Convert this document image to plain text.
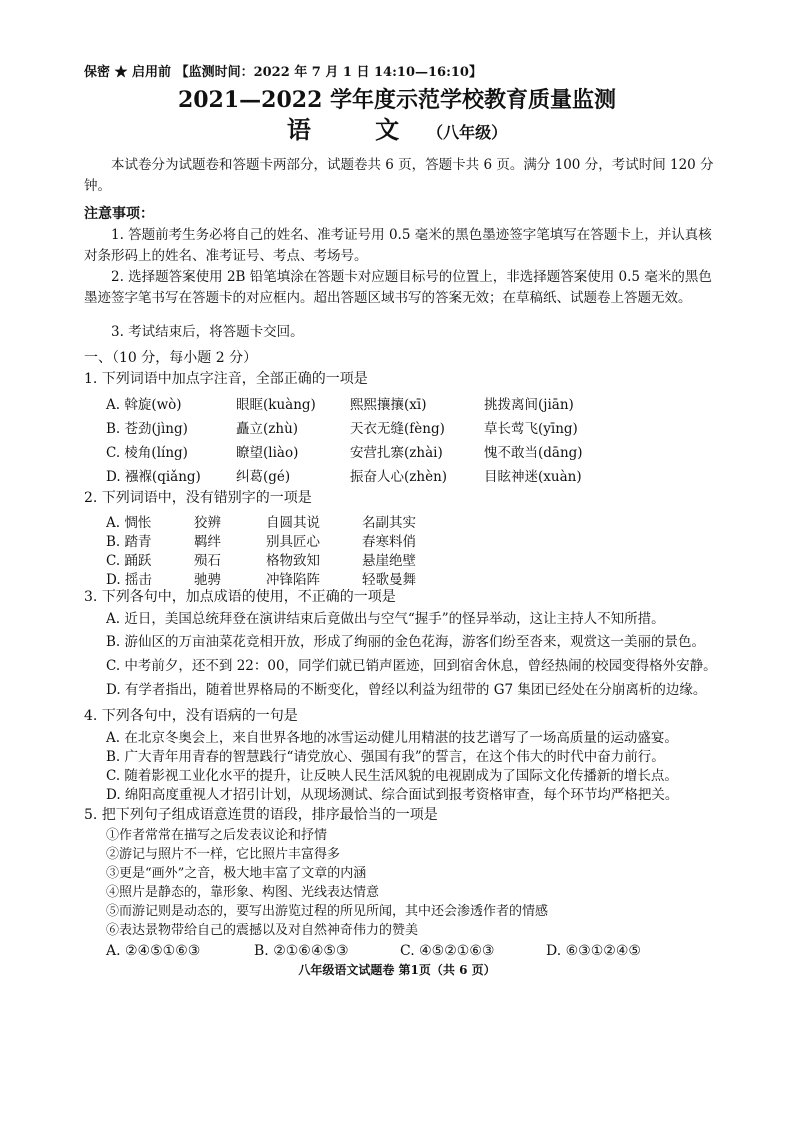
保密 ★ 启用前 【监测时间：2022 年 7 月 1 日 14:10—16:10】
2021—2022 学年度示范学校教育质量监测
语 文（八年级）
本试卷分为试题卷和答题卡两部分，试题卷共 6 页，答题卡共 6 页。满分 100 分，考试时间 120 分钟。
注意事项：
1. 答题前考生务必将自己的姓名、准考证号用 0.5 毫米的黑色墨迹签字笔填写在答题卡上，并认真核对条形码上的姓名、准考证号、考点、考场号。
2. 选择题答案使用 2B 铅笔填涂在答题卡对应题目标号的位置上，非选择题答案使用 0.5 毫米的黑色墨迹签字笔书写在答题卡的对应框内。超出答题区域书写的答案无效；在草稿纸、试题卷上答题无效。
3. 考试结束后，将答题卡交回。
一、（10 分，每小题 2 分）
1. 下列词语中加点字注音，全部正确的一项是
A. 斡旋(wò)	眼眶(kuàng)	熙熙攘攘(xī)	挑拨离间(jiān)
B. 苍劲(jìng)	矗立(zhù)	天衣无缝(fèng)	草长莺飞(yīng)
C. 棱角(líng)	瞭望(liào)	安营扎寨(zhài)	愧不敢当(dāng)
D. 襁褓(qiǎng)	纠葛(gé)	振奋人心(zhèn)	目眩神迷(xuàn)
2. 下列词语中，没有错别字的一项是
A. 惆怅	狡辨	自圆其说	名副其实
B. 踏青	羁绊	别具匠心	春寒料俏
C. 踊跃	殒石	格物致知	悬崖绝壁
D. 摇击	驰骋	冲锋陷阵	轻歌曼舞
3. 下列各句中，加点成语的使用，不正确的一项是
A. 近日，美国总统拜登在演讲结束后竟做出与空气“握手”的怪异举动，这让主持人不知所措。
B. 游仙区的万亩油菜花竞相开放，形成了绚丽的金色花海，游客们纷至沓来，观赏这一美丽的景色。
C. 中考前夕，还不到 22：00，同学们就已销声匿迹，回到宿舍休息，曾经热闹的校园变得格外安静。
D. 有学者指出，随着世界格局的不断变化，曾经以利益为纽带的 G7 集团已经处在分崩离析的边缘。
4. 下列各句中，没有语病的一句是
A. 在北京冬奥会上，来自世界各地的冰雪运动健儿用精湛的技艺谱写了一场高质量的运动盛宴。
B. 广大青年用青春的智慧践行“请党放心、强国有我”的誓言，在这个伟大的时代中奋力前行。
C. 随着影视工业化水平的提升，让反映人民生活风貌的电视剧成为了国际文化传播新的增长点。
D. 绵阳高度重视人才招引计划，从现场测试、综合面试到报考资格审查，每个环节均严格把关。
5. 把下列句子组成语意连贯的语段，排序最恰当的一项是
①作者常常在描写之后发表议论和抒情
②游记与照片不一样，它比照片丰富得多
③更是“画外”之音，极大地丰富了文章的内涵
④照片是静态的，靠形象、构图、光线表达情意
⑤而游记则是动态的，要写出游览过程的所见所闻，其中还会渗透作者的情感
⑥表达景物带给自己的震撼以及对自然神奇伟力的赞美
A. ②④⑤①⑥③	B. ②①⑥④⑤③	C. ④⑤②①⑥③	D. ⑥③①②④⑤
八年级语文试题卷 第1页（共 6 页）
